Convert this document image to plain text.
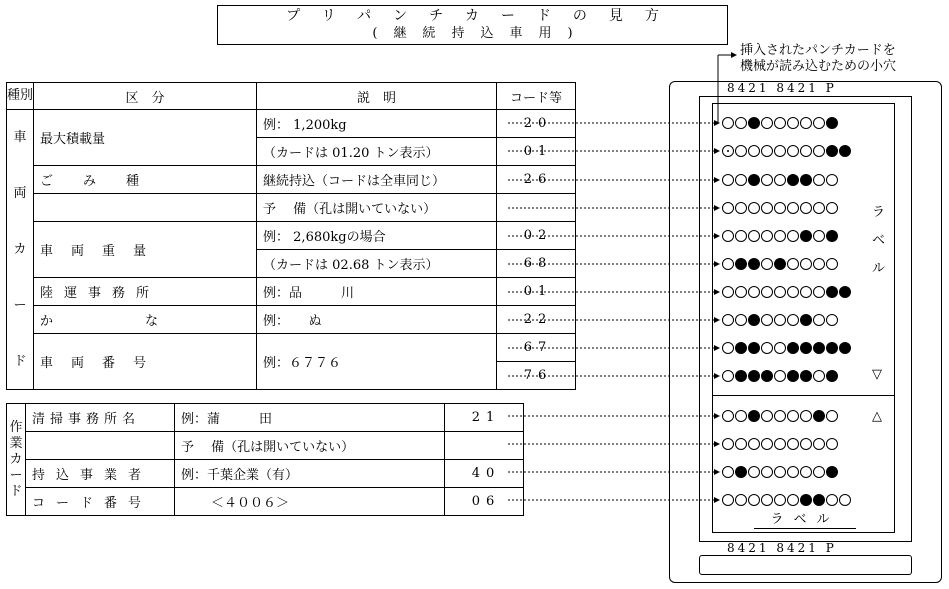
プリパンチカードの見方
(継続持込車用)
種別	区　分	説　明	コード等

車
両
カ
ー
ド	最大積載量	例： 1,200kg	20
		（カードは 01.20 トン表示）	01
	ごみ種	継続持込（コードは全車同じ）	26
		予　 備（孔は開いていない）	
	車両重量	例： 2,680kgの場合	02
		（カードは 02.68 トン表示）	68
	陸運事務所	例：品　　　川	01
	かな	例：　　ぬ	22
	車両番号	例：６７７６	67
			76
作
業
カ
ー
ド	清掃事務所名	例：蒲　　　田	21
		予　 備（孔は開いていない）	
	持込事業者	例：千葉企業（有）	40
	コード番号	＜４００６＞	06
8421 8421 P
8421 8421 P
挿入されたパンチカードを
機械が読み込むための小穴
ラ
ベ
ル
▽
△
ラベル
